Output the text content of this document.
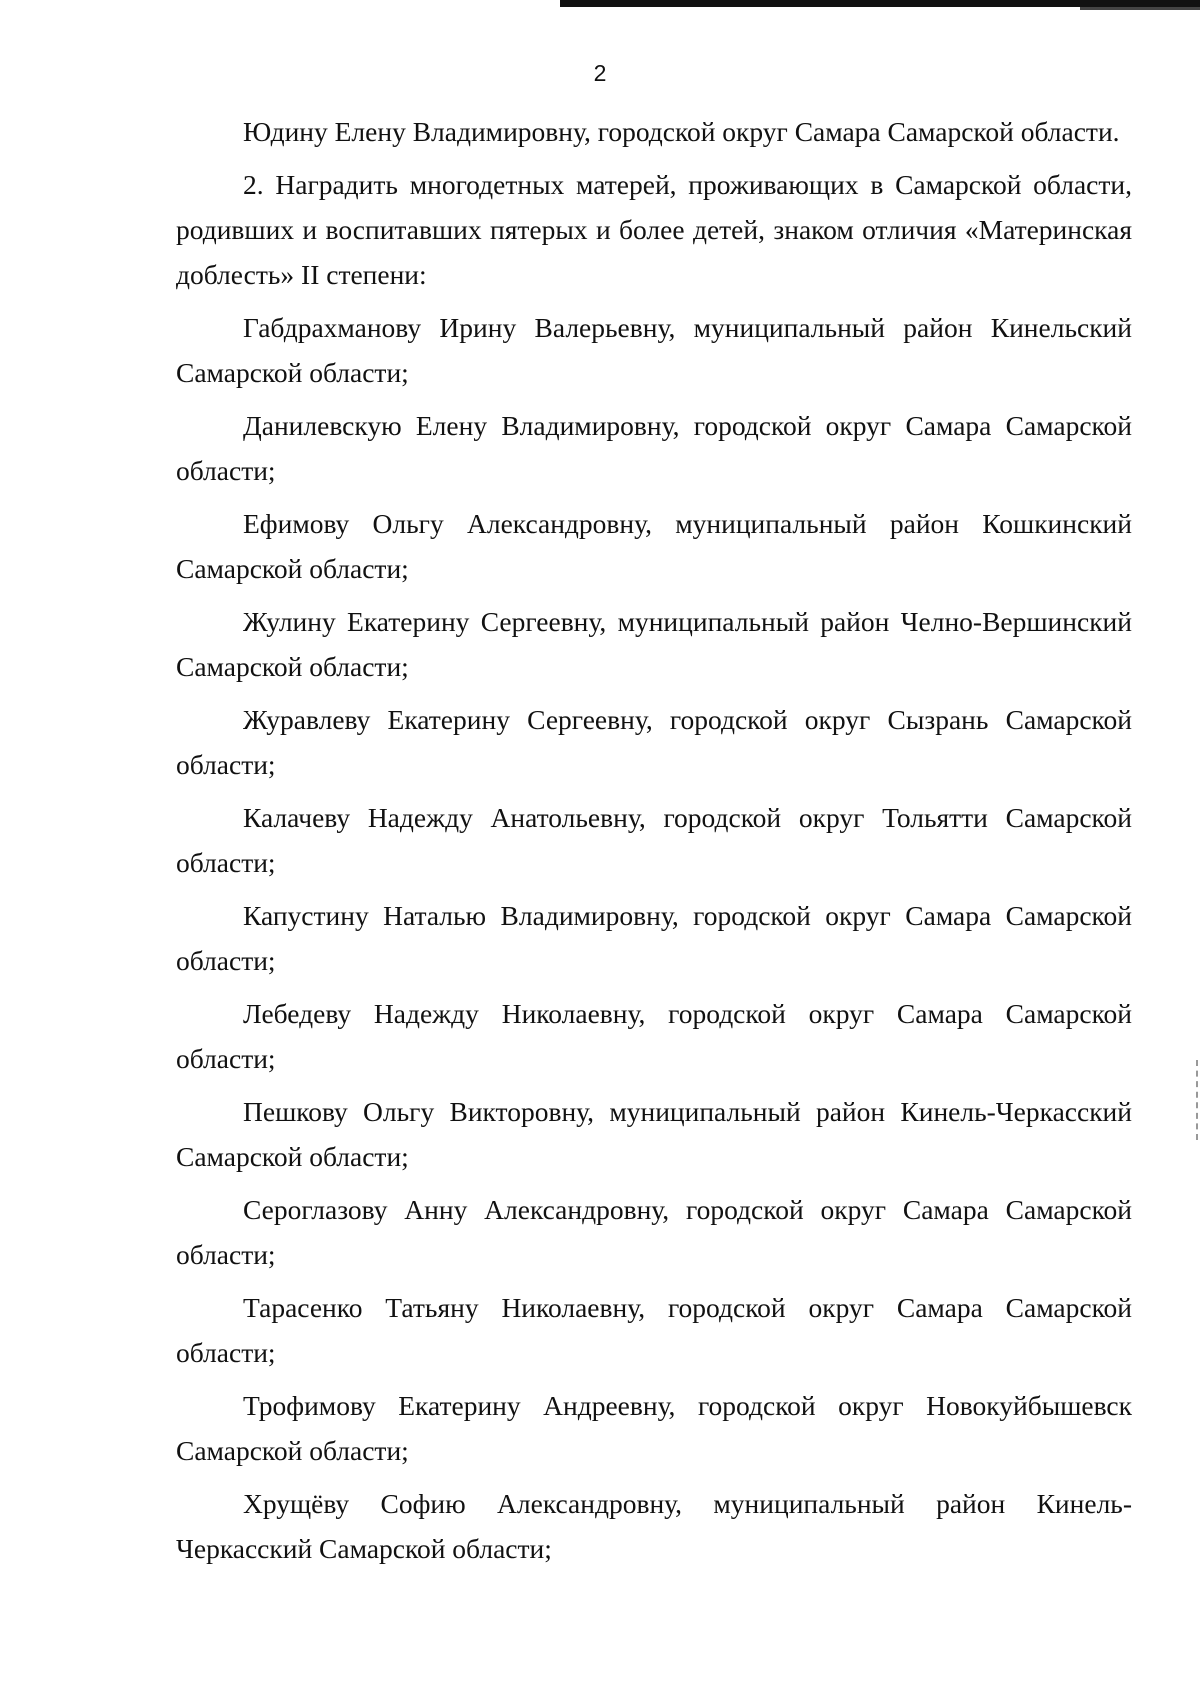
2

Юдину Елену Владимировну, городской округ Самара Самарской области.

2. Наградить многодетных матерей, проживающих в Самарской области, родивших и воспитавших пятерых и более детей, знаком отличия «Материнская доблесть» II степени:

Габдрахманову Ирину Валерьевну, муниципальный район Кинельский Самарской области;

Данилевскую Елену Владимировну, городской округ Самара Самарской области;

Ефимову Ольгу Александровну, муниципальный район Кошкинский Самарской области;

Жулину Екатерину Сергеевну, муниципальный район Челно-Вершинский Самарской области;

Журавлеву Екатерину Сергеевну, городской округ Сызрань Самарской области;

Калачеву Надежду Анатольевну, городской округ Тольятти Самарской области;

Капустину Наталью Владимировну, городской округ Самара Самарской области;

Лебедеву Надежду Николаевну, городской округ Самара Самарской области;

Пешкову Ольгу Викторовну, муниципальный район Кинель-Черкасский Самарской области;

Сероглазову Анну Александровну, городской округ Самара Самарской области;

Тарасенко Татьяну Николаевну, городской округ Самара Самарской области;

Трофимову Екатерину Андреевну, городской округ Новокуйбышевск Самарской области;

Хрущёву Софию Александровну, муниципальный район Кинель-Черкасский Самарской области;
